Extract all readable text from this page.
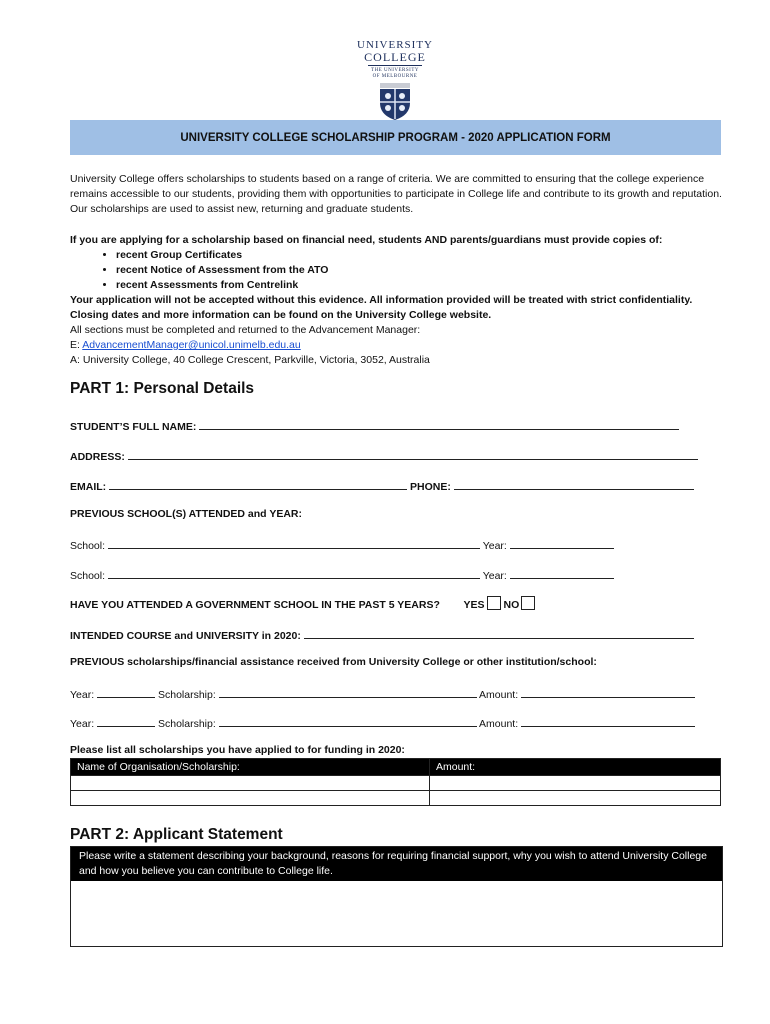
UNIVERSITY
COLLEGE
THE UNIVERSITY
OF MELBOURNE
UNIVERSITY COLLEGE SCHOLARSHIP PROGRAM - 2020 APPLICATION FORM
University College offers scholarships to students based on a range of criteria. We are committed to ensuring that the college experience remains accessible to our students, providing them with opportunities to participate in College life and contribute to its growth and reputation. Our scholarships are used to assist new, returning and graduate students.
If you are applying for a scholarship based on financial need, students AND parents/guardians must provide copies of:
• recent Group Certificates
• recent Notice of Assessment from the ATO
• recent Assessments from Centrelink
Your application will not be accepted without this evidence. All information provided will be treated with strict confidentiality. Closing dates and more information can be found on the University College website.
All sections must be completed and returned to the Advancement Manager:
E: AdvancementManager@unicol.unimelb.edu.au
A: University College, 40 College Crescent, Parkville, Victoria, 3052, Australia
PART 1: Personal Details
STUDENT’S FULL NAME:
ADDRESS:
EMAIL:	PHONE:
PREVIOUS SCHOOL(S) ATTENDED and YEAR:
School:	Year:
School:	Year:
HAVE YOU ATTENDED A GOVERNMENT SCHOOL IN THE PAST 5 YEARS? YES NO
INTENDED COURSE and UNIVERSITY in 2020:
PREVIOUS scholarships/financial assistance received from University College or other institution/school:
Year:	Scholarship:	Amount:
Year:	Scholarship:	Amount:
Please list all scholarships you have applied to for funding in 2020:
Name of Organisation/Scholarship:	Amount:

PART 2: Applicant Statement
Please write a statement describing your background, reasons for requiring financial support, why you wish to attend University College and how you believe you can contribute to College life.
